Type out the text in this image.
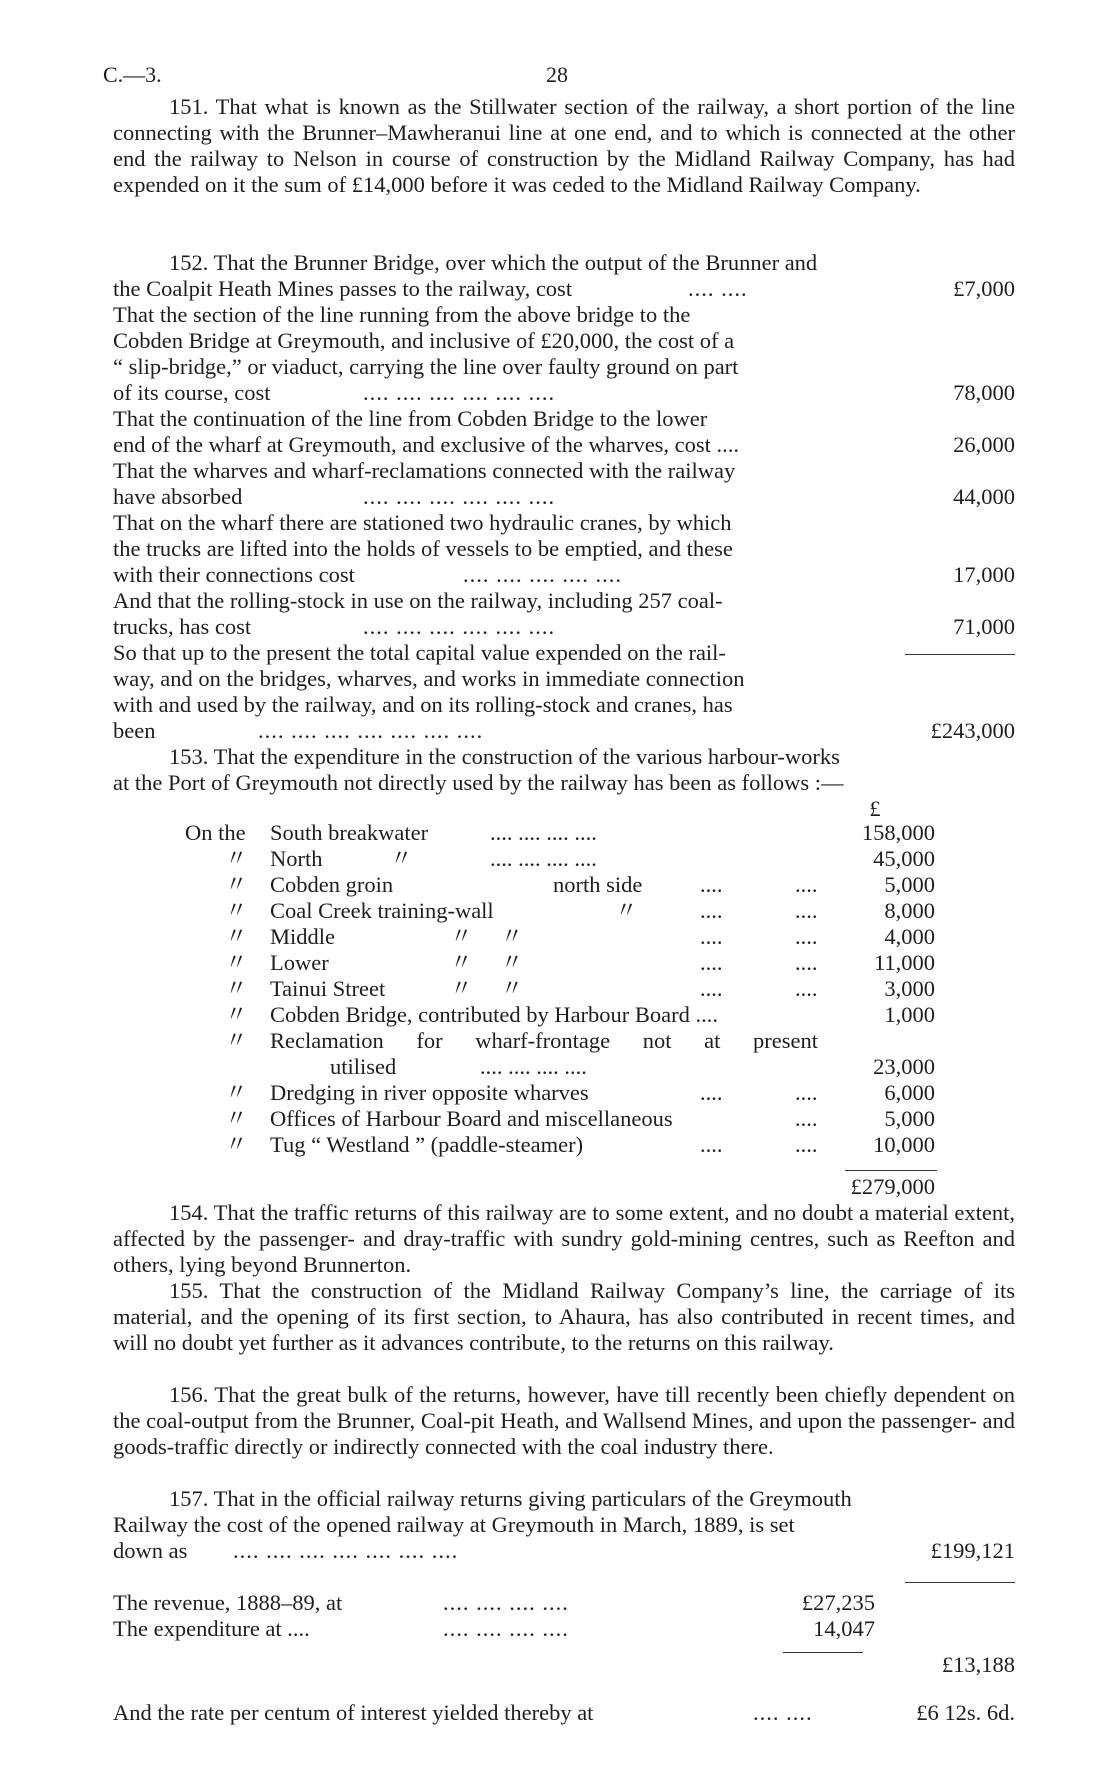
C.—3.	28
151. That what is known as the Stillwater section of the railway, a short portion of the line connecting with the Brunner–Mawheranui line at one end, and to which is connected at the other end the railway to Nelson in course of construction by the Midland Railway Company, has had expended on it the sum of £14,000 before it was ceded to the Midland Railway Company.
152. That the Brunner Bridge, over which the output of the Brunner and
the Coalpit Heath Mines passes to the railway, cost	.... ....	£7,000
That the section of the line running from the above bridge to the
Cobden Bridge at Greymouth, and inclusive of £20,000, the cost of a
“ slip-bridge,” or viaduct, carrying the line over faulty ground on part
of its course, cost	.... .... .... .... .... ....	78,000
That the continuation of the line from Cobden Bridge to the lower
end of the wharf at Greymouth, and exclusive of the wharves, cost ....	26,000
That the wharves and wharf-reclamations connected with the railway
have absorbed	.... .... .... .... .... ....	44,000
That on the wharf there are stationed two hydraulic cranes, by which
the trucks are lifted into the holds of vessels to be emptied, and these
with their connections cost	.... .... .... .... ....	17,000
And that the rolling-stock in use on the railway, including 257 coal-
trucks, has cost	.... .... .... .... .... ....	71,000
So that up to the present the total capital value expended on the rail-
way, and on the bridges, wharves, and works in immediate connection
with and used by the railway, and on its rolling-stock and cranes, has
been	.... .... .... .... .... .... ....	£243,000
153. That the expenditure in the construction of the various harbour-works
at the Port of Greymouth not directly used by the railway has been as follows :—
£
On the South breakwater	.... .... .... ....	158,000
〃 North	〃	.... .... .... ....	45,000
〃 Cobden groin	north side	....	....	5,000
〃 Coal Creek training-wall	〃	....	....	8,000
〃 Middle	〃     〃	....	....	4,000
〃 Lower	〃     〃	....	....	11,000
〃 Tainui Street	〃     〃	....	....	3,000
〃 Cobden Bridge, contributed by Harbour Board ....	1,000
〃 Reclamation for wharf-frontage not at present
utilised	.... .... .... ....	23,000
〃 Dredging in river opposite wharves	....	....	6,000
〃 Offices of Harbour Board and miscellaneous	....	5,000
〃 Tug “ Westland ” (paddle-steamer)	....	....	10,000
£279,000
154. That the traffic returns of this railway are to some extent, and no doubt a material extent, affected by the passenger- and dray-traffic with sundry gold-mining centres, such as Reefton and others, lying beyond Brunnerton.
155. That the construction of the Midland Railway Company’s line, the carriage of its material, and the opening of its first section, to Ahaura, has also contributed in recent times, and will no doubt yet further as it advances contribute, to the returns on this railway.
156. That the great bulk of the returns, however, have till recently been chiefly dependent on the coal-output from the Brunner, Coal-pit Heath, and Wallsend Mines, and upon the passenger- and goods-traffic directly or indirectly connected with the coal industry there.
157. That in the official railway returns giving particulars of the Greymouth
Railway the cost of the opened railway at Greymouth in March, 1889, is set
down as .... .... .... .... .... .... ....	£199,121
The revenue, 1888–89, at	.... .... .... ....	£27,235
The expenditure at ....	.... .... .... ....	14,047
£13,188
And the rate per centum of interest yielded thereby at	.... ....	£6 12s. 6d.
